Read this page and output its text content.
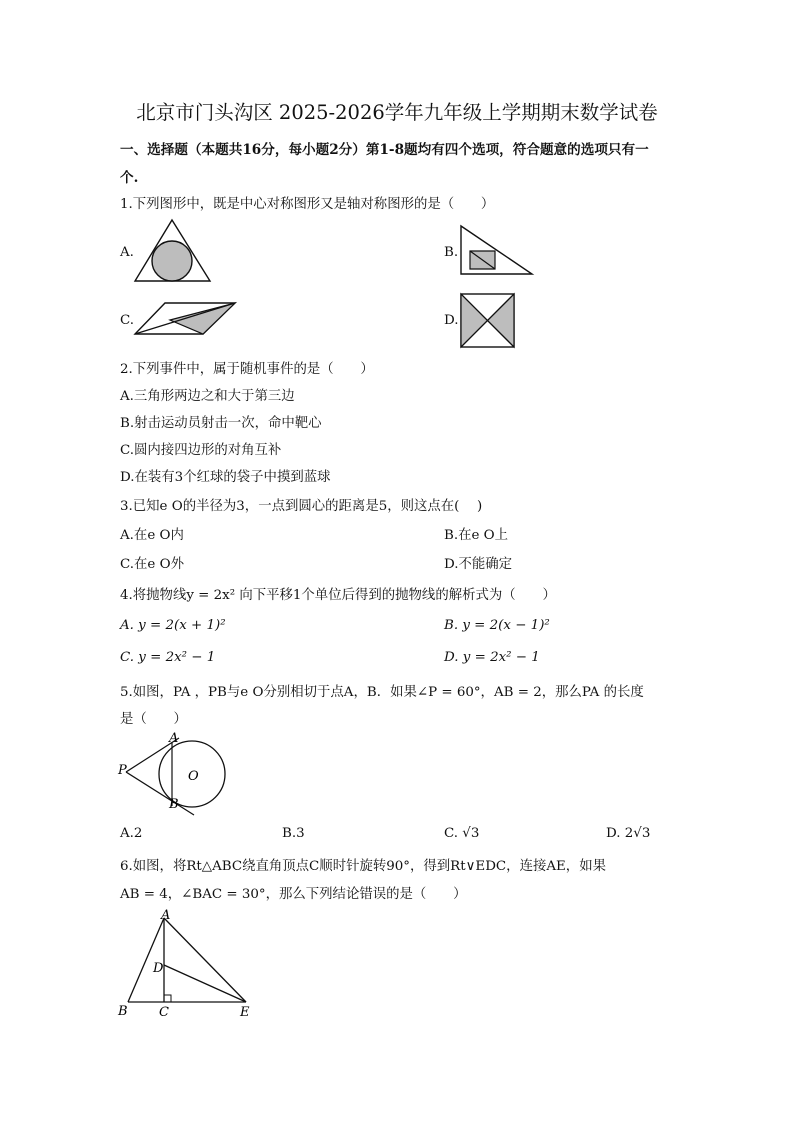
北京市门头沟区 2025-2026学年九年级上学期期末数学试卷
一、选择题（本题共16分，每小题2分）第1-8题均有四个选项，符合题意的选项只有一
个.
1.下列图形中，既是中心对称图形又是轴对称图形的是（　　）
A.	B.
C.	D.
2.下列事件中，属于随机事件的是（　　）
A.三角形两边之和大于第三边
B.射击运动员射击一次，命中靶心
C.圆内接四边形的对角互补
D.在装有3个红球的袋子中摸到蓝球
3.已知e O的半径为3，一点到圆心的距离是5，则这点在(　 )
A.在e O内	B.在e O上
C.在e O外	D.不能确定
4.将抛物线y = 2x² 向下平移1个单位后得到的抛物线的解析式为（　　）
A. y = 2(x + 1)²	B. y = 2(x − 1)²
C. y = 2x² − 1	D. y = 2x² − 1
5.如图，PA ，PB与e O分别相切于点A，B．如果∠P = 60°，AB = 2，那么PA 的长度
是（　　）
A
B
P	O
A.2	B.3	C. √3	D. 2√3
6.如图，将Rt△ABC绕直角顶点C顺时针旋转90°，得到Rt∨EDC，连接AE，如果
AB = 4，∠BAC = 30°，那么下列结论错误的是（　　）
A
B C
D
E
